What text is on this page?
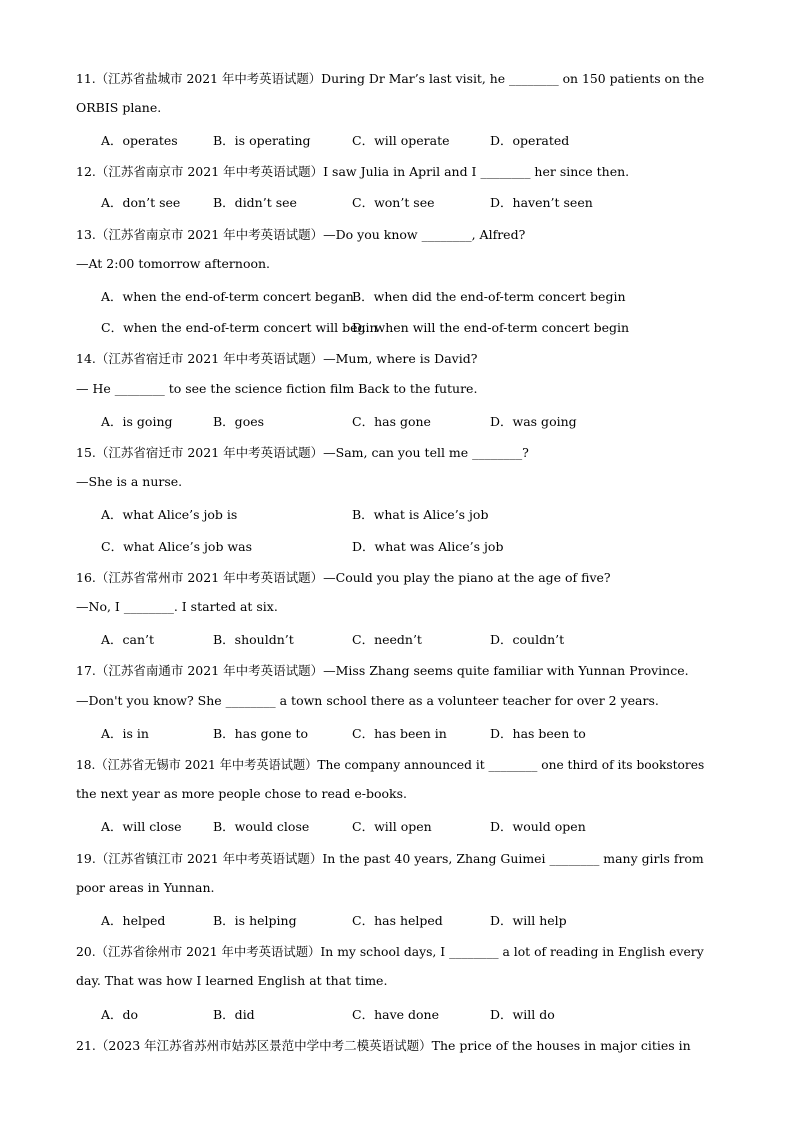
11.（江苏省盐城市 2021 年中考英语试题）During Dr Mar’s last visit, he ________ on 150 patients on the
ORBIS plane.
A．operates	B．is operating	C．will operate	D．operated
12.（江苏省南京市 2021 年中考英语试题）I saw Julia in April and I ________ her since then.
A．don’t see	B．didn’t see	C．won’t see	D．haven’t seen
13.（江苏省南京市 2021 年中考英语试题）—Do you know ________, Alfred?
—At 2:00 tomorrow afternoon.
A．when the end-of-term concert began
B．when did the end-of-term concert begin
C．when the end-of-term concert will begin
D．when will the end-of-term concert begin
14.（江苏省宿迁市 2021 年中考英语试题）—Mum, where is David?
— He ________ to see the science fiction film Back to the future.
A．is going	B．goes	C．has gone	D．was going
15.（江苏省宿迁市 2021 年中考英语试题）—Sam, can you tell me ________?
—She is a nurse.
A．what Alice’s job is	B．what is Alice’s job
C．what Alice’s job was	D．what was Alice’s job
16.（江苏省常州市 2021 年中考英语试题）—Could you play the piano at the age of five?
—No, I ________. I started at six.
A．can’t	B．shouldn’t	C．needn’t	D．couldn’t
17.（江苏省南通市 2021 年中考英语试题）—Miss Zhang seems quite familiar with Yunnan Province.
—Don't you know? She ________ a town school there as a volunteer teacher for over 2 years.
A．is in	B．has gone to	C．has been in	D．has been to
18.（江苏省无锡市 2021 年中考英语试题）The company announced it ________ one third of its bookstores
the next year as more people chose to read e-books.
A．will close	B．would close	C．will open	D．would open
19.（江苏省镇江市 2021 年中考英语试题）In the past 40 years, Zhang Guimei ________ many girls from
poor areas in Yunnan.
A．helped	B．is helping	C．has helped	D．will help
20.（江苏省徐州市 2021 年中考英语试题）In my school days, I ________ a lot of reading in English every
day. That was how I learned English at that time.
A．do	B．did	C．have done	D．will do
21.（2023 年江苏省苏州市姑苏区景范中学中考二模英语试题）The price of the houses in major cities in
